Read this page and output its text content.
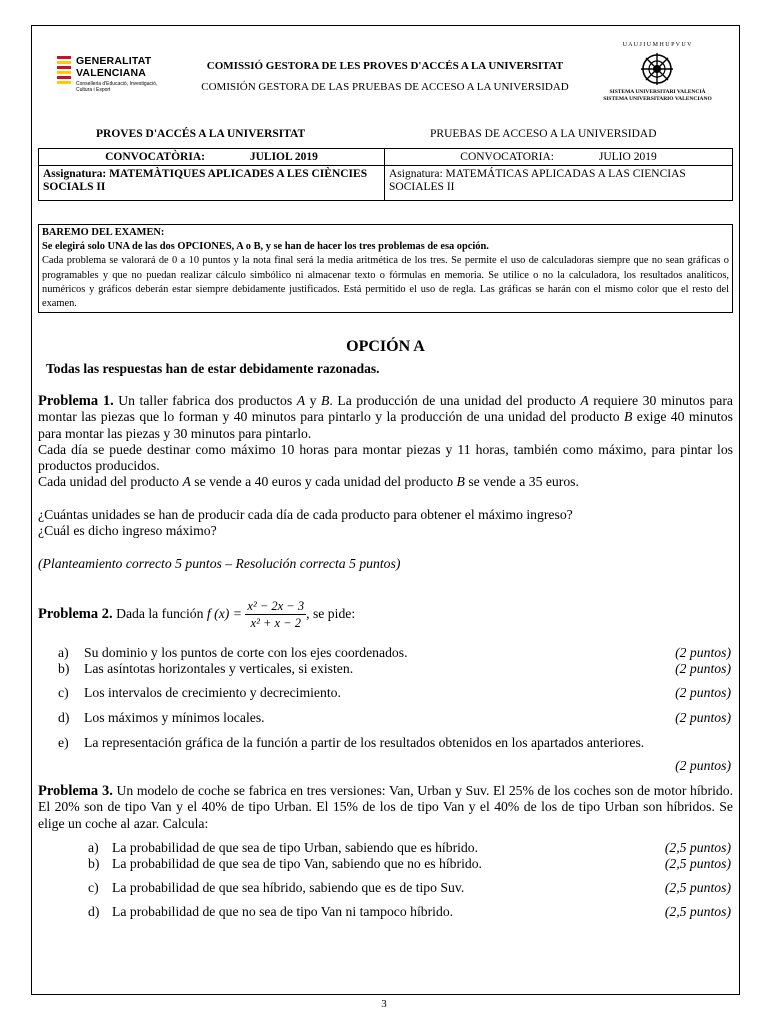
GENERALITAT
VALENCIANA
Conselleria d'Educació, Investigació, Cultura i Esport
COMISSIÓ GESTORA DE LES PROVES D'ACCÉS A LA UNIVERSITAT
COMISIÓN GESTORA DE LAS PRUEBAS DE ACCESO A LA UNIVERSIDAD
U A U J I U M H U P V U V
SISTEMA UNIVERSITARI VALENCIÀ
SISTEMA UNIVERSITARIO VALENCIANO
PROVES D'ACCÉS A LA UNIVERSITAT	PRUEBAS DE ACCESO A LA UNIVERSIDAD
CONVOCATÒRIA: JULIOL 2019	CONVOCATORIA: JULIO 2019
Assignatura: MATEMÀTIQUES APLICADES A LES CIÈNCIES SOCIALS II	Asignatura: MATEMÁTICAS APLICADAS A LAS CIENCIAS SOCIALES II
BAREMO DEL EXAMEN:
Se elegirá solo UNA de las dos OPCIONES, A o B, y se han de hacer los tres problemas de esa opción.
Cada problema se valorará de 0 a 10 puntos y la nota final será la media aritmética de los tres. Se permite el uso de calculadoras siempre que no sean gráficas o programables y que no puedan realizar cálculo simbólico ni almacenar texto o fórmulas en memoria. Se utilice o no la calculadora, los resultados analíticos, numéricos y gráficos deberán estar siempre debidamente justificados. Está permitido el uso de regla. Las gráficas se harán con el mismo color que el resto del examen.
OPCIÓN A
Todas las respuestas han de estar debidamente razonadas.

Problema 1. Un taller fabrica dos productos A y B. La producción de una unidad del producto A requiere 30 minutos para montar las piezas que lo forman y 40 minutos para pintarlo y la producción de una unidad del producto B exige 40 minutos para montar las piezas y 30 minutos para pintarlo.

Cada día se puede destinar como máximo 10 horas para montar piezas y 11 horas, también como máximo, para pintar los productos producidos.

Cada unidad del producto A se vende a 40 euros y cada unidad del producto B se vende a 35 euros.

¿Cuántas unidades se han de producir cada día de cada producto para obtener el máximo ingreso?

¿Cuál es dicho ingreso máximo?

(Planteamiento correcto 5 puntos – Resolución correcta 5 puntos)

Problema 2. Dada la función f $(x) = \frac{\text{x² − 2x − 3}}{\text{x² + x − 2}}$ , se pide:
a) Su dominio y los puntos de corte con los ejes coordenados.	(2 puntos)
b) Las asíntotas horizontales y verticales, si existen.	(2 puntos)
c) Los intervalos de crecimiento y decrecimiento.	(2 puntos)
d) Los máximos y mínimos locales.	(2 puntos)
e) La representación gráfica de la función a partir de los resultados obtenidos en los apartados anteriores.
(2 puntos)

Problema 3. Un modelo de coche se fabrica en tres versiones: Van, Urban y Suv. El 25% de los coches son de motor híbrido. El 20% son de tipo Van y el 40% de tipo Urban. El 15% de los de tipo Van y el 40% de los de tipo Urban son híbridos. Se elige un coche al azar. Calcula:

a) La probabilidad de que sea de tipo Urban, sabiendo que es híbrido.	(2,5 puntos)
b) La probabilidad de que sea de tipo Van, sabiendo que no es híbrido.	(2,5 puntos)
c) La probabilidad de que sea híbrido, sabiendo que es de tipo Suv.	(2,5 puntos)
d) La probabilidad de que no sea de tipo Van ni tampoco híbrido.	(2,5 puntos)
3
